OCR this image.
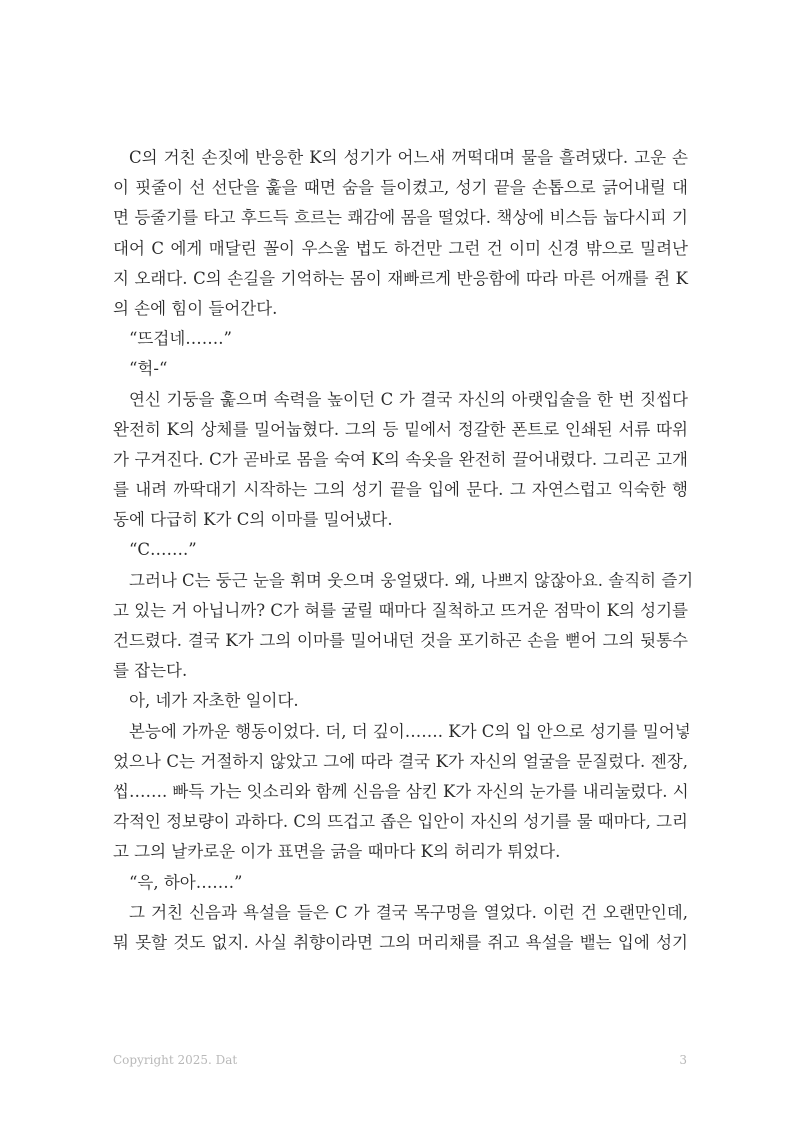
C의 거친 손짓에 반응한 K의 성기가 어느새 꺼떡대며 물을 흘려댔다. 고운 손
이 핏줄이 선 선단을 훑을 때면 숨을 들이켰고, 성기 끝을 손톱으로 긁어내릴 대
면 등줄기를 타고 후드득 흐르는 쾌감에 몸을 떨었다. 책상에 비스듬 눕다시피 기
대어 C 에게 매달린 꼴이 우스울 법도 하건만 그런 건 이미 신경 밖으로 밀려난
지 오래다. C의 손길을 기억하는 몸이 재빠르게 반응함에 따라 마른 어깨를 쥔 K
의 손에 힘이 들어간다.
“뜨겁네…….”
“헉-“
연신 기둥을 훑으며 속력을 높이던 C 가 결국 자신의 아랫입술을 한 번 짓씹다
완전히 K의 상체를 밀어눕혔다. 그의 등 밑에서 정갈한 폰트로 인쇄된 서류 따위
가 구겨진다. C가 곧바로 몸을 숙여 K의 속옷을 완전히 끌어내렸다. 그리곤 고개
를 내려 까딱대기 시작하는 그의 성기 끝을 입에 문다. 그 자연스럽고 익숙한 행
동에 다급히 K가 C의 이마를 밀어냈다.
“C…….”
그러나 C는 둥근 눈을 휘며 웃으며 웅얼댔다. 왜, 나쁘지 않잖아요. 솔직히 즐기
고 있는 거 아닙니까? C가 혀를 굴릴 때마다 질척하고 뜨거운 점막이 K의 성기를
건드렸다. 결국 K가 그의 이마를 밀어내던 것을 포기하곤 손을 뻗어 그의 뒷통수
를 잡는다.
아, 네가 자초한 일이다.
본능에 가까운 행동이었다. 더, 더 깊이……. K가 C의 입 안으로 성기를 밀어넣
었으나 C는 거절하지 않았고 그에 따라 결국 K가 자신의 얼굴을 문질렀다. 젠장,
씹……. 빠득 가는 잇소리와 함께 신음을 삼킨 K가 자신의 눈가를 내리눌렀다. 시
각적인 정보량이 과하다. C의 뜨겁고 좁은 입안이 자신의 성기를 물 때마다, 그리
고 그의 날카로운 이가 표면을 긁을 때마다 K의 허리가 튀었다.
“윽, 하아…….”
그 거친 신음과 욕설을 들은 C 가 결국 목구멍을 열었다. 이런 건 오랜만인데,
뭐 못할 것도 없지. 사실 취향이라면 그의 머리채를 쥐고 욕설을 뱉는 입에 성기
Copyright 2025. Dat	3
